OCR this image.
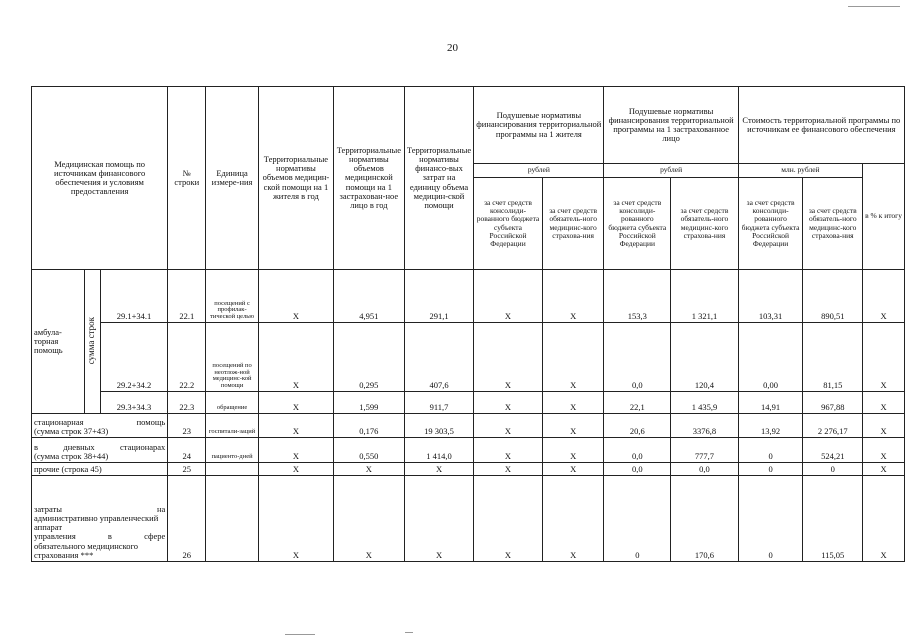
20
Медицинская помощь по источникам финансового обеспечения и условиям предоставления			№ строки	Единица измере-ния	Территориальные нормативы объемов медицин-ской помощи на 1 жителя в год	Территориальные нормативы объемов медицинской помощи на 1 застрахован-ное лицо в год	Территориальные нормативы финансо-вых затрат на единицу объема медицин-ской помощи	Подушевые нормативы финансирования территориальной программы на 1 жителя		Подушевые нормативы финансирования территориальной программы на 1 застрахованное лицо		Стоимость территориальной программы по источникам ее финансового обеспечения		
								рублей		рублей		млн. рублей		в % к итогу
								за счет средств консолиди-рованного бюджета субъекта Российской Федерации	за счет средств обязатель-ного медицинс-кого страхова-ния	за счет средств консолиди-рованного бюджета субъекта Российской Федерации	за счет средств обязатель-ного медицинс-кого страхова-ния	за счет средств консолиди-рованного бюджета субъекта Российской Федерации	за счет средств обязатель-ного медицинс-кого страхова-ния	
амбула-торная помощь	сумма строк	29.1+34.1	22.1	посещений с профилак-тической целью	Х	4,951	291,1	Х	Х	153,3	1 321,1	103,31	890,51	Х
		29.2+34.2	22.2	посещений по неотлож-ной медицинс-кой помощи	Х	0,295	407,6	Х	Х	0,0	120,4	0,00	81,15	Х
		29.3+34.3	22.3	обращение	Х	1,599	911,7	Х	Х	22,1	1 435,9	14,91	967,88	Х

стационарная помощь
(сумма строк 37+43)			23	госпитали-заций	Х	0,176	19 303,5	Х	Х	20,6	3376,8	13,92	2 276,17	Х

в дневных стационарах
(сумма строк 38+44)			24	пациенто-дней	Х	0,550	1 414,0	Х	Х	0,0	777,7	0	524,21	Х

прочие (строка 45)			25		Х	Х	Х	Х	Х	0,0	0,0	0	0	Х

затраты на
административно управленческий аппарат
управления в сфере
обязательного медицинского страхования ***			26		Х	Х	Х	Х	Х	0	170,6	0	115,05	Х
